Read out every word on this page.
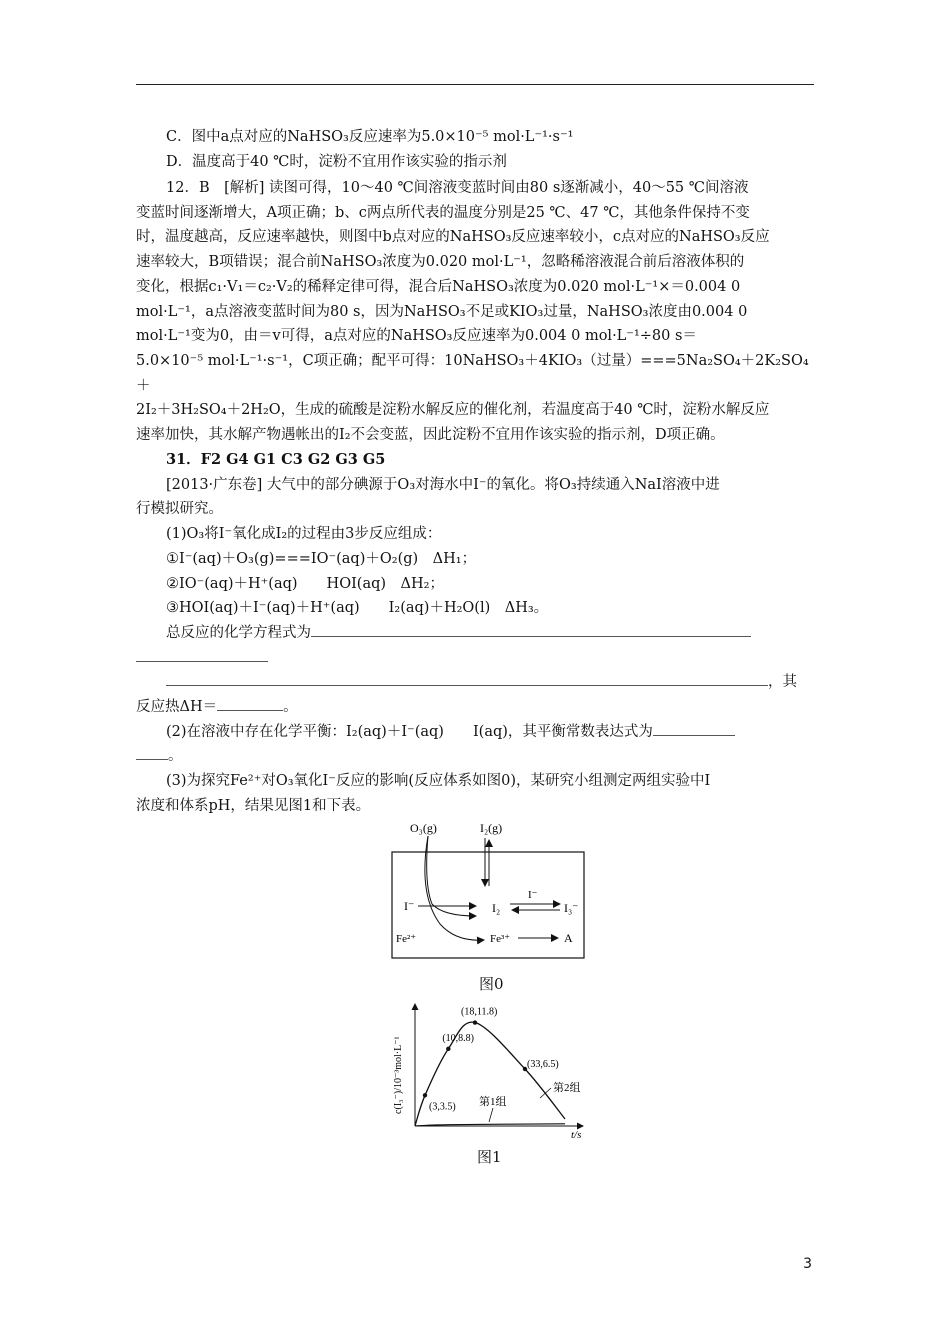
C．图中a点对应的NaHSO₃反应速率为5.0×10⁻⁵ mol·L⁻¹·s⁻¹

D．温度高于40 ℃时，淀粉不宜用作该实验的指示剂

12．B　[解析] 读图可得，10～40 ℃间溶液变蓝时间由80 s逐渐减小，40～55 ℃间溶液

变蓝时间逐渐增大，A项正确；b、c两点所代表的温度分别是25 ℃、47 ℃，其他条件保持不变

时，温度越高，反应速率越快，则图中b点对应的NaHSO₃反应速率较小，c点对应的NaHSO₃反应

速率较大，B项错误；混合前NaHSO₃浓度为0.020 mol·L⁻¹，忽略稀溶液混合前后溶液体积的

变化，根据c₁·V₁＝c₂·V₂的稀释定律可得，混合后NaHSO₃浓度为0.020 mol·L⁻¹×＝0.004 0

mol·L⁻¹，a点溶液变蓝时间为80 s，因为NaHSO₃不足或KIO₃过量，NaHSO₃浓度由0.004 0

mol·L⁻¹变为0，由＝v可得，a点对应的NaHSO₃反应速率为0.004 0 mol·L⁻¹÷80 s＝

5.0×10⁻⁵ mol·L⁻¹·s⁻¹，C项正确；配平可得：10NaHSO₃＋4KIO₃（过量）===5Na₂SO₄＋2K₂SO₄＋

2I₂＋3H₂SO₄＋2H₂O，生成的硫酸是淀粉水解反应的催化剂，若温度高于40 ℃时，淀粉水解反应

速率加快，其水解产物遇帐出的I₂不会变蓝，因此淀粉不宜用作该实验的指示剂，D项正确。

31．F2 G4 G1 C3 G2 G3 G5

[2013·广东卷] 大气中的部分碘源于O₃对海水中I⁻的氧化。将O₃持续通入NaI溶液中进

行模拟研究。

(1)O₃将I⁻氧化成I₂的过程由3步反应组成：

①I⁻(aq)＋O₃(g)===IO⁻(aq)＋O₂(g)　ΔH₁；

②IO⁻(aq)＋H⁺(aq)　　HOI(aq)　ΔH₂；

③HOI(aq)＋I⁻(aq)＋H⁺(aq)　　I₂(aq)＋H₂O(l)　ΔH₃。

总反应的化学方程式为

，其

反应热ΔH＝	。

(2)在溶液中存在化学平衡：I₂(aq)＋I⁻(aq)　　I(aq)，其平衡常数表达式为

。

(3)为探究Fe²⁺对O₃氧化I⁻反应的影响(反应体系如图0)，某研究小组测定两组实验中I

浓度和体系pH，结果见图1和下表。

O₃(g)	I₂(g)
I⁻	I₂
I⁻
I₃⁻
Fe²⁺	Fe³⁺	A
图0
c(I₃⁻)/10⁻³mol·L⁻¹
t/s
(3,3.5)
(10,8.8)
(18,11.8)
(33,6.5)
第1组
第2组
图1
3
